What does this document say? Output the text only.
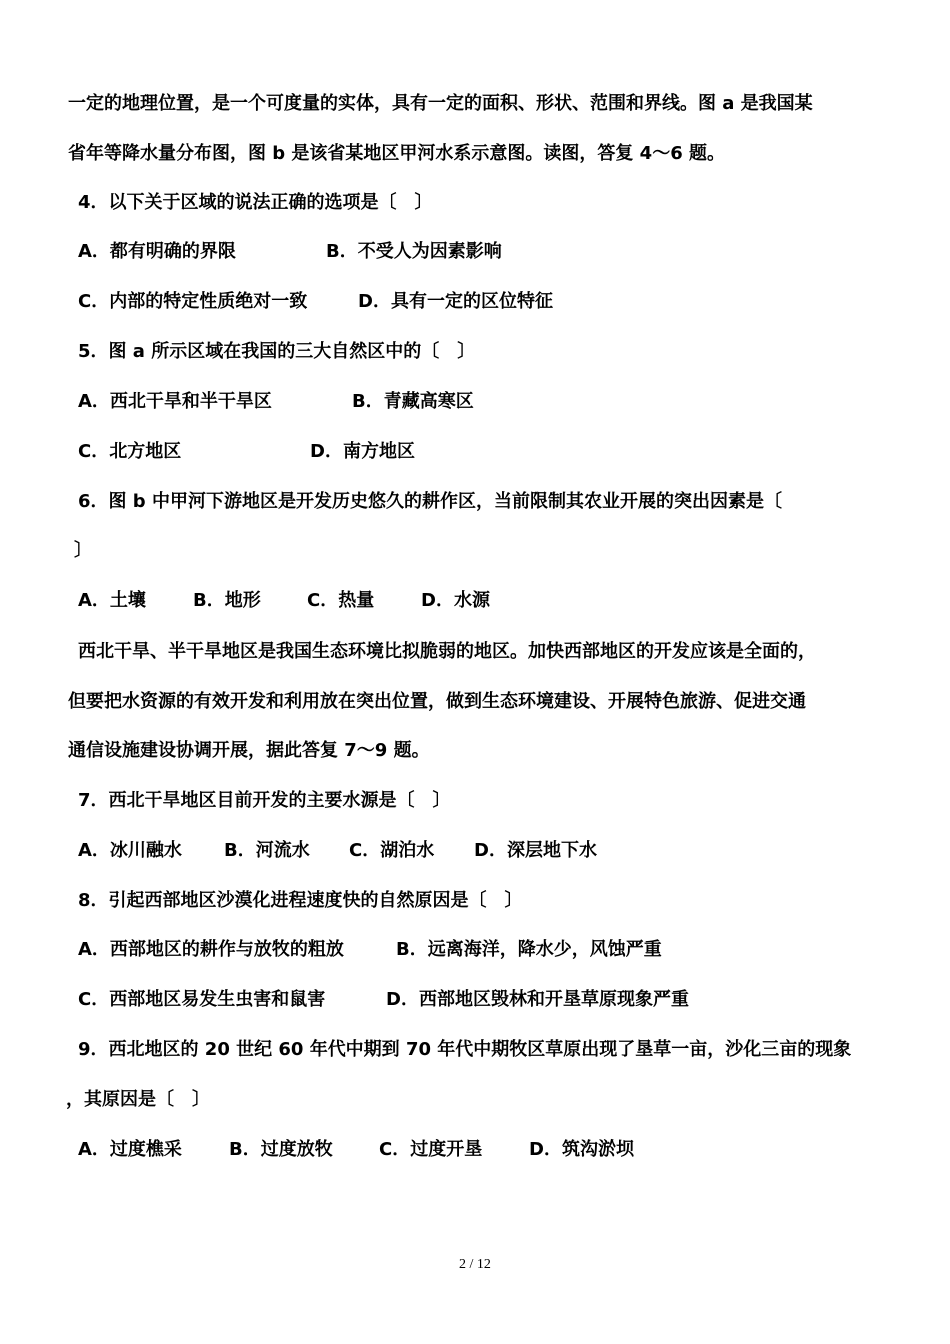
一定的地理位置，是一个可度量的实体，具有一定的面积、形状、范围和界线。图 a 是我国某
省年等降水量分布图，图 b 是该省某地区甲河水系示意图。读图，答复 4～6 题。
4．以下关于区域的说法正确的选项是〔　〕
A．都有明确的界限	B．不受人为因素影响
C．内部的特定性质绝对一致	D．具有一定的区位特征
5．图 a 所示区域在我国的三大自然区中的〔　〕
A．西北干旱和半干旱区	B．青藏高寒区
C．北方地区	D．南方地区
6．图 b 中甲河下游地区是开发历史悠久的耕作区，当前限制其农业开展的突出因素是〔
〕
A．土壤	B．地形	C．热量	D．水源
西北干旱、半干旱地区是我国生态环境比拟脆弱的地区。加快西部地区的开发应该是全面的，
但要把水资源的有效开发和利用放在突出位置，做到生态环境建设、开展特色旅游、促进交通
通信设施建设协调开展，据此答复 7～9 题。
7．西北干旱地区目前开发的主要水源是〔　〕
A．冰川融水 B．河流水 C．湖泊水 D．深层地下水
8．引起西部地区沙漠化进程速度快的自然原因是〔　〕
A．西部地区的耕作与放牧的粗放	B．远离海洋，降水少，风蚀严重
C．西部地区易发生虫害和鼠害	D．西部地区毁林和开垦草原现象严重
9．西北地区的 20 世纪 60 年代中期到 70 年代中期牧区草原出现了垦草一亩，沙化三亩的现象
，其原因是〔　〕
A．过度樵采	B．过度放牧	C．过度开垦	D．筑沟淤坝
2 / 12
